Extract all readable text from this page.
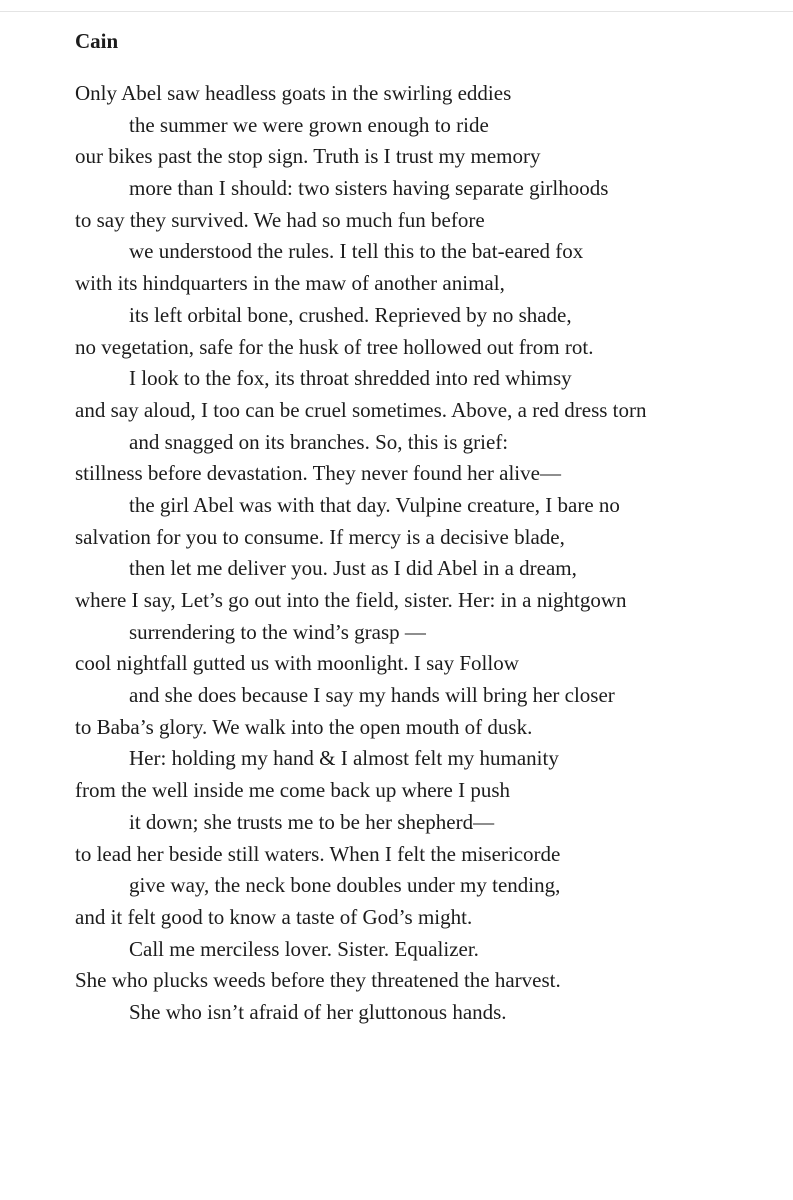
Cain
Only Abel saw headless goats in the swirling eddies
the summer we were grown enough to ride
our bikes past the stop sign. Truth is I trust my memory
more than I should: two sisters having separate girlhoods
to say they survived. We had so much fun before
we understood the rules. I tell this to the bat-eared fox
with its hindquarters in the maw of another animal,
its left orbital bone, crushed. Reprieved by no shade,
no vegetation, safe for the husk of tree hollowed out from rot.
I look to the fox, its throat shredded into red whimsy
and say aloud, I too can be cruel sometimes. Above, a red dress torn
and snagged on its branches. So, this is grief:
stillness before devastation. They never found her alive—
the girl Abel was with that day. Vulpine creature, I bare no
salvation for you to consume. If mercy is a decisive blade,
then let me deliver you. Just as I did Abel in a dream,
where I say, Let’s go out into the field, sister. Her: in a nightgown
surrendering to the wind’s grasp —
cool nightfall gutted us with moonlight. I say Follow
and she does because I say my hands will bring her closer
to Baba’s glory. We walk into the open mouth of dusk.
Her: holding my hand & I almost felt my humanity
from the well inside me come back up where I push
it down; she trusts me to be her shepherd—
to lead her beside still waters. When I felt the misericorde
give way, the neck bone doubles under my tending,
and it felt good to know a taste of God’s might.
Call me merciless lover. Sister. Equalizer.
She who plucks weeds before they threatened the harvest.
She who isn’t afraid of her gluttonous hands.
